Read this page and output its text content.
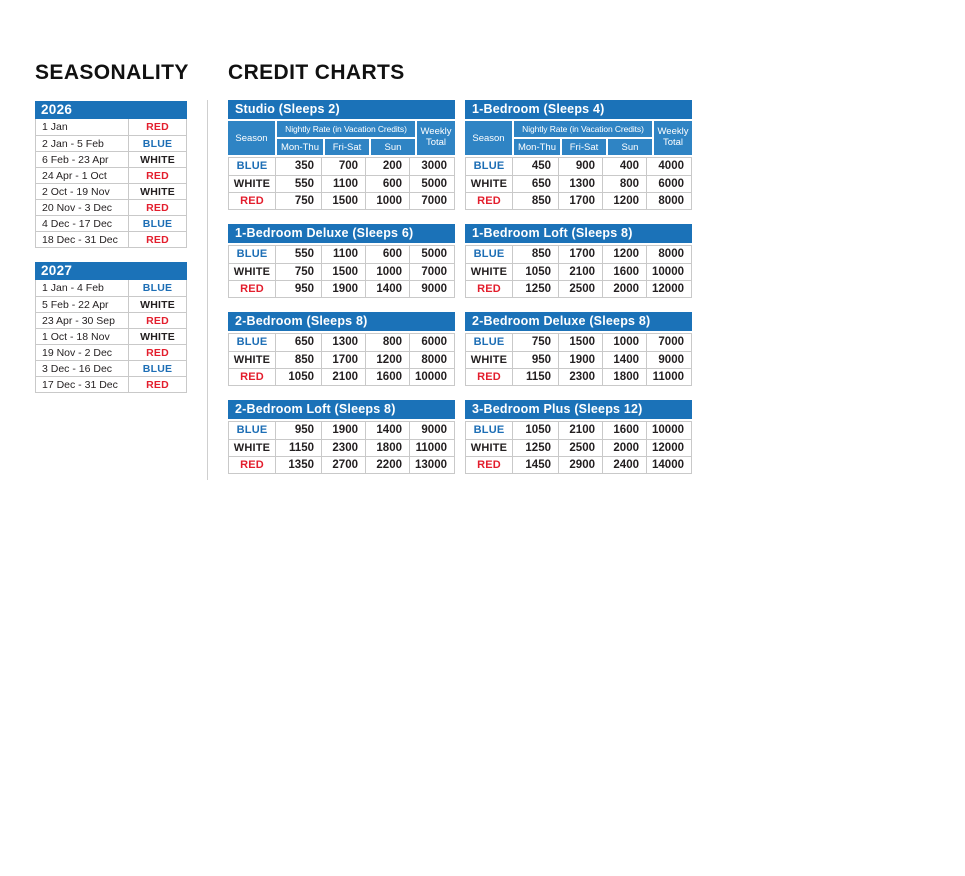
SEASONALITY
2026
1 Jan	RED
2 Jan - 5 Feb	BLUE
6 Feb - 23 Apr	WHITE
24 Apr - 1 Oct	RED
2 Oct - 19 Nov	WHITE
20 Nov - 3 Dec	RED
4 Dec - 17 Dec	BLUE
18 Dec - 31 Dec	RED
2027
1 Jan - 4 Feb	BLUE
5 Feb - 22 Apr	WHITE
23 Apr - 30 Sep	RED
1 Oct - 18 Nov	WHITE
19 Nov - 2 Dec	RED
3 Dec - 16 Dec	BLUE
17 Dec - 31 Dec	RED
CREDIT CHARTS
Studio (Sleeps 2)
Season
Nightly Rate (in Vacation Credits)	Weekly Total
Mon-Thu	Fri-Sat	Sun
BLUE	350	700	200	3000
WHITE	550	1100	600	5000
RED	750	1500	1000	7000
1-Bedroom (Sleeps 4)
Season
Nightly Rate (in Vacation Credits)	Weekly Total
Mon-Thu	Fri-Sat	Sun
BLUE	450	900	400	4000
WHITE	650	1300	800	6000
RED	850	1700	1200	8000
1-Bedroom Deluxe (Sleeps 6)
BLUE	550	1100	600	5000
WHITE	750	1500	1000	7000
RED	950	1900	1400	9000
1-Bedroom Loft (Sleeps 8)
BLUE	850	1700	1200	8000
WHITE	1050	2100	1600	10000
RED	1250	2500	2000	12000
2-Bedroom (Sleeps 8)
BLUE	650	1300	800	6000
WHITE	850	1700	1200	8000
RED	1050	2100	1600	10000
2-Bedroom Deluxe (Sleeps 8)
BLUE	750	1500	1000	7000
WHITE	950	1900	1400	9000
RED	1150	2300	1800	11000
2-Bedroom Loft (Sleeps 8)
BLUE	950	1900	1400	9000
WHITE	1150	2300	1800	11000
RED	1350	2700	2200	13000
3-Bedroom Plus (Sleeps 12)
BLUE	1050	2100	1600	10000
WHITE	1250	2500	2000	12000
RED	1450	2900	2400	14000
